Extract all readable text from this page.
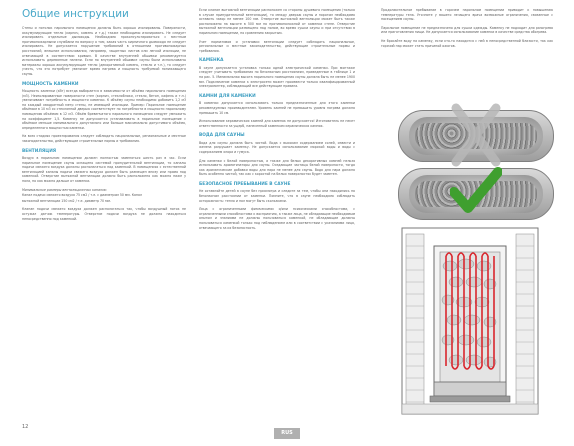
Общие инструкции

Стены и потолок парильного помещения должны быть хорошо изолированы. Поверхности, аккумулирующие тепло (кирпич, камень и т.д.) также необходимо изолировать. Не следует изолировать отдельные дымоходы. Необходимо проконсультироваться с местным противопожарными службами по вопросу о том, какая часть кирпичного дымохода не следует изолировать. Не допускается нарушение требований в отношении противопожарных расстояний, внешние использования, например, защитных листов или легкой изоляции, не отвечающей в соответствии кривым. В качестве внутренней обшивки рекомендуется использовать деревянные панели. Если по внутренней обшивке сауны были использованы материалы хорошо аккумулирующие тепло (декоративный камень, стекло и т.п.), то следует учесть, что это потребует увеличит время нагрева и мощность требуемой понижающего сауны.

МОЩНОСТЬ КАМЕНКИ

Мощность каменки (кВт) всегда выбирается в зависимости от объёма парильного помещения (м3). Неизолированные поверхности стен (кирпич, стеклоблоки, стекло, бетон, кафель и т.п.) увеличивают потребность в мощности каменки. К объёму сауны необходимо добавить 1,2 м3 на каждый квадратный метр стены, не имеющей изоляции. Пример: Парильное помещение объёмом в 10 м3 со стеклянной дверью соответствует по потребности в мощности парильному помещению объёмом в 12 м3. Объём бревенчатого парильного помещения следует умножить на коэффициент 1,5. Каменку не допускается устанавливать в парильное помещение с объёмом меньше минимального допустимого или больше максимально допустимого объёма, определенного мощностью каменки.

На всех стадиях проектирования следует соблюдать национальные, региональные и местные законодательство, действующие строительные нормы и требования.

ВЕНТИЛЯЦИЯ

Воздух в парильном помещении должен полностью заменяться шесть раз в час. Если парильное помещение сауны оснащено системой принудительной вентиляции, то каналы подачи свежего воздуха должны располагаться над каменкой. В помещениях с естественной вентиляцией каналы подачи свежего воздуха должен быть размещен внизу или прямо под каменкой. Отверстие вытяжной вентиляции должно быть расположено как можно ниже у пола, но как можно дальше от каменки.

Минимальные размеры вентиляционных каналов:

Канал подачи свежего воздуха 75 см2 / т.е. с диаметром 50 мм. Канал

вытяжной вентиляции 150 см2 / т.е. диаметр 70 мм.

Клапан подачи свежего воздуха должен располагаться так, чтобы воздушный поток не остужал датчик температуры. Отверстие подачи воздуха не должно находиться непосредственно под каменкой.

Если клапан вытяжной вентиляции расположен со стороны душевого помещения (только в случае принудительной вентиляции), то между дверью сауны и порогом необходимо оставить зазор не менее 100 мм. Отверстие вытяжной вентиляции может быть также расположено на высоте в 500 мм на противоположной от каменки стене. Отверстие вытяжной вентиляции размещено над полом, во время сушки сауны и при отсутствии в парильном помещении, по сравнению закрытым.

Учет нормативов и установки вентиляции следует соблюдать национальные, региональные и местные законодательство, действующие строительные нормы и требования.

КАМЕНКА

В сауне допускается установка только одной электрической каменки. При монтаже следует учитывать требования по безопасным расстояниям, приведенные в таблице 1 и на рис. 5. Минимальная высота парильного помещения сауны должна быть не менее 1900 мм. Подключение каменки к электросети может произвести только квалифицированный электромонтер, соблюдающий все действующие правила.

КАМНИ ДЛЯ КАМЕНКИ

В каменки допускается использовать только предназначенные для этого каменки рекомендуемых производителем. Уровень камней не превышать уровня нагрева должна превышать 10 см.

Использование керамических камней для каменок не допускается! Изготовитель не несет ответственности за ущерб, нанесенный каменкам керамических камнях.

ВОДА ДЛЯ САУНЫ

Вода для сауны должна быть чистой. Вода с высоким содержанием солей, извести и железа разрушает каменку. Не допускается использование морской воды и воды с содержанием хлора и гумуса.

Для каменки с белой поверхностью, а также для белых декоративных камней нельзя использовать ароматизаторы для сауны. Оседающие частицы белой поверхности, тогда как ароматические добавки воды для пара не менее для сауны. Вода для пара должна быть особенно чистой, так как с коростой на белых поверхностях будет заметен.

БЕЗОПАСНОЕ ПРЕБЫВАНИЕ В САУНЕ

Не оставляйте детей в сауне без присмотра и следите за тем, чтобы они находились на безопасном расстоянии от каменки. Помните, что в сауне необходимо соблюдать осторожность: тепло и пол могут быть скользкими.

Лица с ограниченными физическими и/или психическими способностями, с ограниченными способностями к восприятию, а также лица, не обладающие необходимым опытом и знаниями не должны пользоваться каменкой, не обладающие должны пользоваться каменкой только под наблюдением или в соответствии с указаниями лица, отвечающего за их безопасность.

Продолжительное пребывание в горячем парильном помещении приводит к повышению температуры тела. Уточните у вашего лечащего врача возможные ограничения, связанные с посещением сауны.

Парильное помещение не предназначено для сушки одежды. Каменку не подходит для разогрева или приготовления пищи. Не допускается использование каменки в качестве средства обогрева.

Не бросайте воду на каменку, если кто-то находится с ней в непосредственной близости, так как горячий пар может стать причиной ожогов.

12
RUS
